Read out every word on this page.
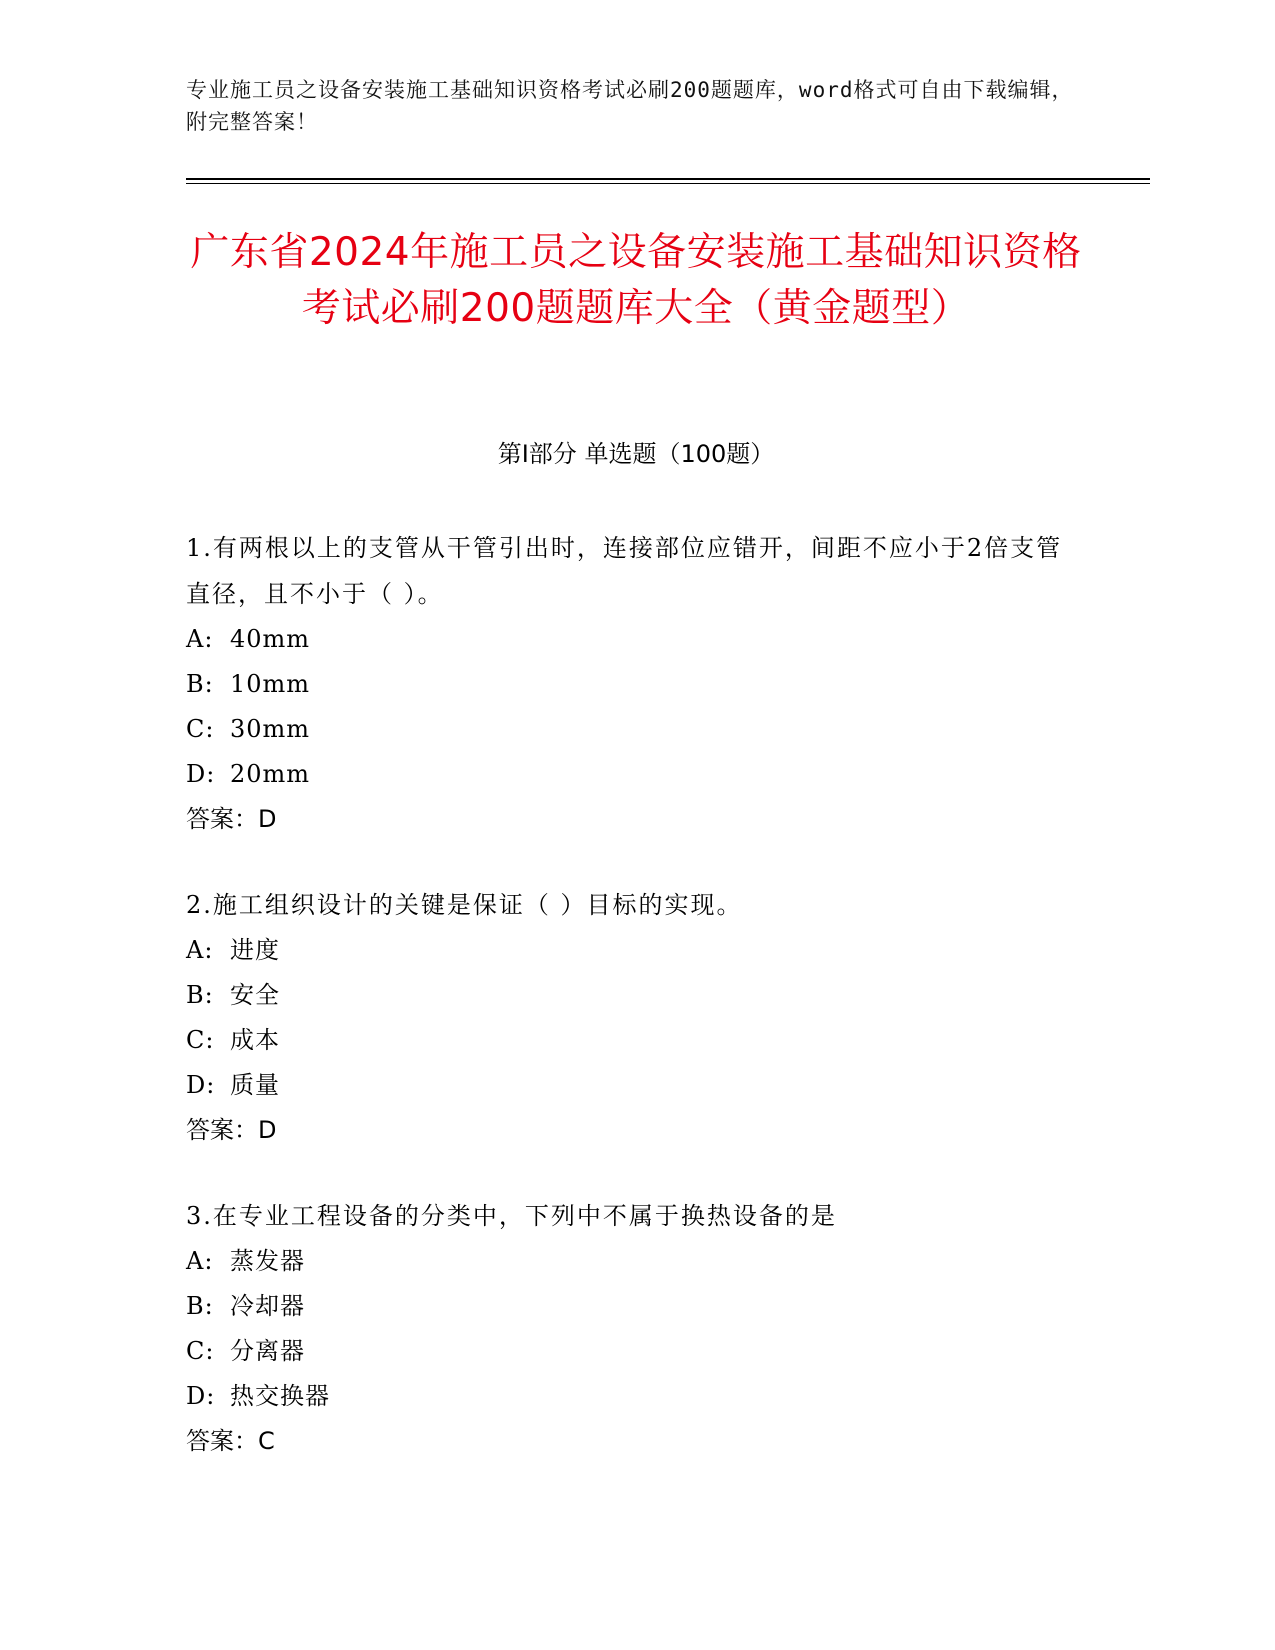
专业施工员之设备安装施工基础知识资格考试必刷200题题库，word格式可自由下载编辑，附完整答案！
广东省2024年施工员之设备安装施工基础知识资格考试必刷200题题库大全（黄金题型）
第I部分 单选题（100题）

1.有两根以上的支管从干管引出时，连接部位应错开，间距不应小于2倍支管直径，且不小于（ ）。

A: 40mm

B: 10mm

C: 30mm

D: 20mm

答案：D

2.施工组织设计的关键是保证（ ）目标的实现。

A: 进度

B: 安全

C: 成本

D: 质量

答案：D

3.在专业工程设备的分类中，下列中不属于换热设备的是

A: 蒸发器

B: 冷却器

C: 分离器

D: 热交换器

答案：C
